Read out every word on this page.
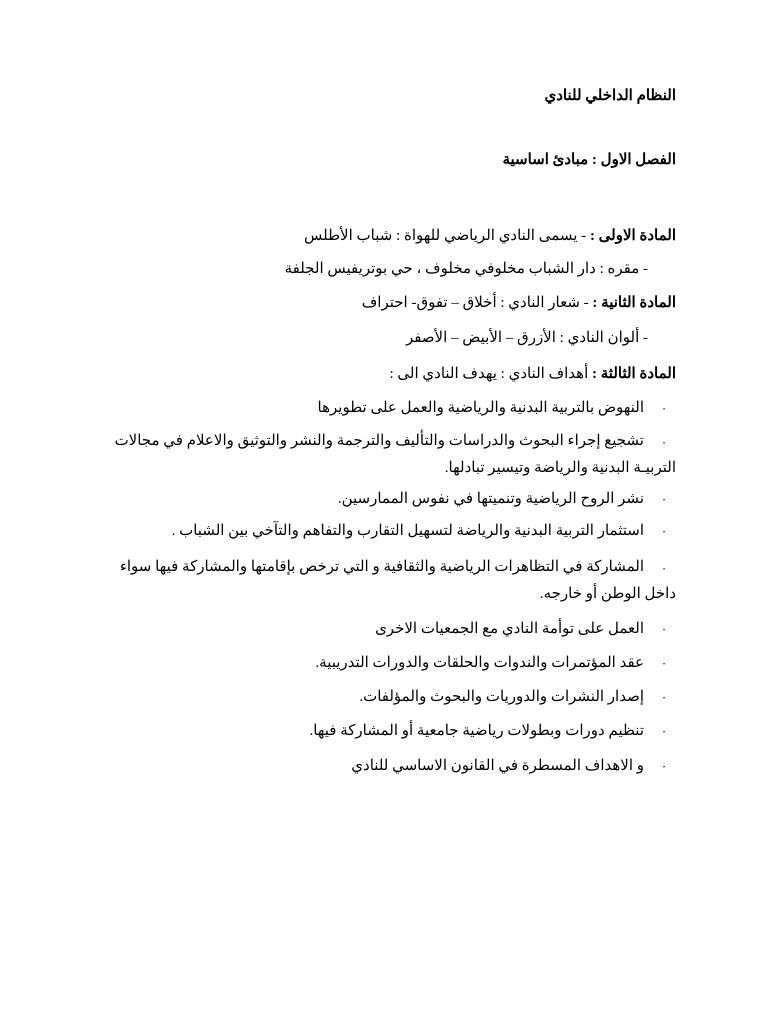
النظام الداخلي للنادي
الفصل الاول : مبادئ اساسية
المادة الاولى : - يسمى النادي الرياضي للهواة : شباب الأطلس
- مقره : دار الشباب مخلوفي مخلوف ، حي بوتريفيس الجلفة
المادة الثانية : - شعار النادي : أخلاق – تفوق- احتراف
- ألوان النادي : الأزرق – الأبيض – الأصفر
المادة الثالثة : أهداف النادي : يهدف النادي الى :
·
النهوض بالتربية البدنية والرياضية والعمل على تطويرها
·
تشجيع إجراء البحوث والدراسات والتأليف والترجمة والنشر والتوثيق والاعلام في مجالات التربيـة البدنية والرياضة وتيسير تبادلها.
·
نشر الروح الرياضية وتنميتها في نفوس الممارسين.
·
استثمار التربية البدنية والرياضة لتسهيل التقارب والتفاهم والتآخي بين الشباب .
·
المشاركة في التظاهرات الرياضية والثقافية و التي ترخص بإقامتها والمشاركة فيها سواء داخل الوطن أو خارجه.
·
العمل على توأمة النادي مع الجمعيات الاخرى
·
عقد المؤتمرات والندوات والحلقات والدورات التدريبية.
·
إصدار النشرات والدوريات والبحوث والمؤلفات.
·
تنظيم دورات وبطولات رياضية جامعية أو المشاركة فيها.
·
و الاهداف المسطرة في القانون الاساسي للنادي
